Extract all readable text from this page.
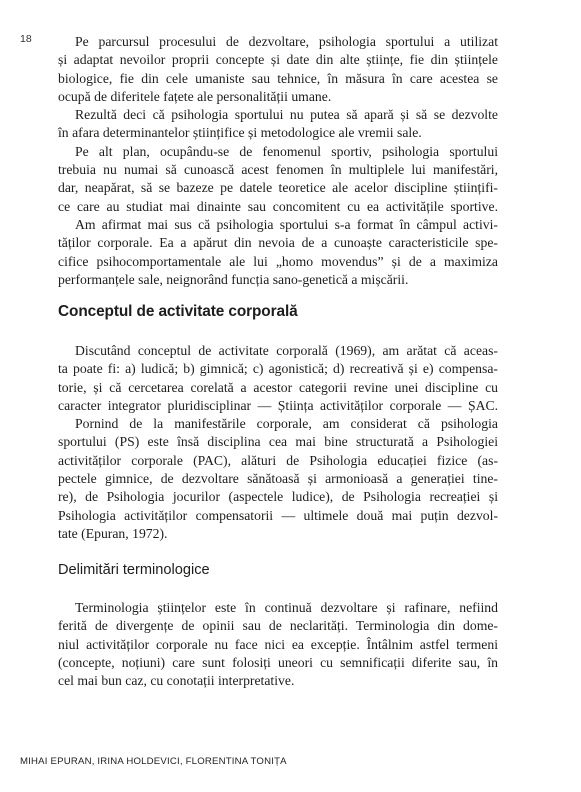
18	Pe parcursul procesului de dezvoltare, psihologia sportului a utilizat
și adaptat nevoilor proprii concepte și date din alte științe, fie din științele
biologice, fie din cele umaniste sau tehnice, în măsura în care acestea se
ocupă de diferitele fațete ale personalității umane.
Rezultă deci că psihologia sportului nu putea să apară și să se dezvolte
în afara determinantelor științifice și metodologice ale vremii sale.
Pe alt plan, ocupându-se de fenomenul sportiv, psihologia sportului
trebuia nu numai să cunoască acest fenomen în multiplele lui manifestări,
dar, neapărat, să se bazeze pe datele teoretice ale acelor discipline științifi-
ce care au studiat mai dinainte sau concomitent cu ea activitățile sportive.
Am afirmat mai sus că psihologia sportului s-a format în câmpul activi-
tăților corporale. Ea a apărut din nevoia de a cunoaște caracteristicile spe-
cifice psihocomportamentale ale lui „homo movendus” și de a maximiza
performanțele sale, neignorând funcția sano-genetică a mișcării.
Conceptul de activitate corporală
Discutând conceptul de activitate corporală (1969), am arătat că aceas-
ta poate fi: a) ludică; b) gimnică; c) agonistică; d) recreativă și e) compensa-
torie, și că cercetarea corelată a acestor categorii revine unei discipline cu
caracter integrator pluridisciplinar — Știința activităților corporale — ȘAC.
Pornind de la manifestările corporale, am considerat că psihologia
sportului (PS) este însă disciplina cea mai bine structurată a Psihologiei
activităților corporale (PAC), alături de Psihologia educației fizice (as-
pectele gimnice, de dezvoltare sănătoasă și armonioasă a generației tine-
re), de Psihologia jocurilor (aspectele ludice), de Psihologia recreației și
Psihologia activităților compensatorii — ultimele două mai puțin dezvol-
tate (Epuran, 1972).
Delimitări terminologice
Terminologia științelor este în continuă dezvoltare și rafinare, nefiind
ferită de divergențe de opinii sau de neclarități. Terminologia din dome-
niul activităților corporale nu face nici ea excepție. Întâlnim astfel termeni
(concepte, noțiuni) care sunt folosiți uneori cu semnificații diferite sau, în
cel mai bun caz, cu conotații interpretative.
MIHAI EPURAN, IRINA HOLDEVICI, FLORENTINA TONIȚA
